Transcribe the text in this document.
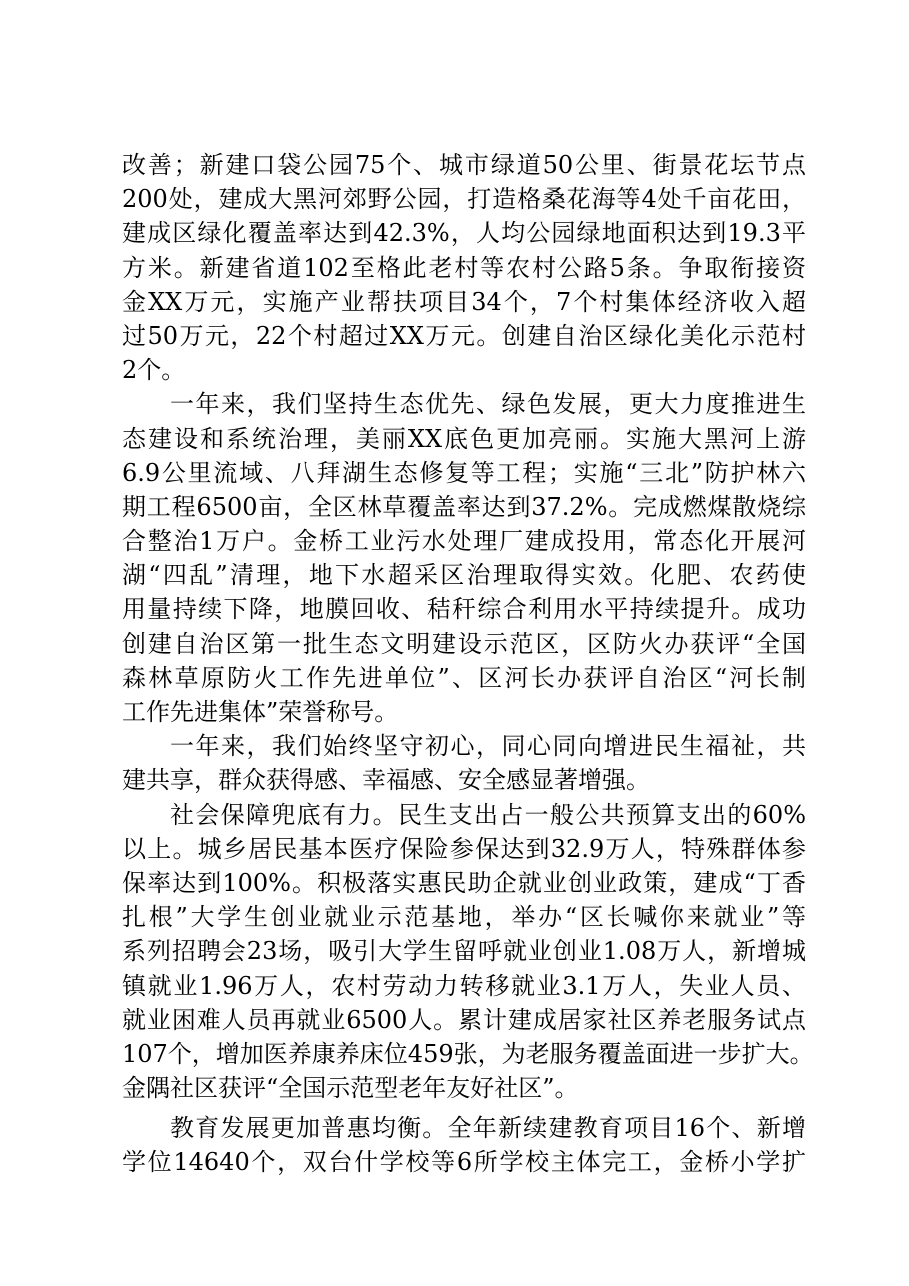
改善；新建口袋公园75个、城市绿道50公里、街景花坛节点
200处，建成大黑河郊野公园，打造格桑花海等4处千亩花田，
建成区绿化覆盖率达到42.3%，人均公园绿地面积达到19.3平
方米。新建省道102至格此老村等农村公路5条。争取衔接资
金XX万元，实施产业帮扶项目34个，7个村集体经济收入超
过50万元，22个村超过XX万元。创建自治区绿化美化示范村
2个。
一年来，我们坚持生态优先、绿色发展，更大力度推进生
态建设和系统治理，美丽XX底色更加亮丽。实施大黑河上游
6.9公里流域、八拜湖生态修复等工程；实施“三北”防护林六
期工程6500亩，全区林草覆盖率达到37.2%。完成燃煤散烧综
合整治1万户。金桥工业污水处理厂建成投用，常态化开展河
湖“四乱”清理，地下水超采区治理取得实效。化肥、农药使
用量持续下降，地膜回收、秸秆综合利用水平持续提升。成功
创建自治区第一批生态文明建设示范区，区防火办获评“全国
森林草原防火工作先进单位”、区河长办获评自治区“河长制
工作先进集体”荣誉称号。
一年来，我们始终坚守初心，同心同向增进民生福祉，共
建共享，群众获得感、幸福感、安全感显著增强。
社会保障兜底有力。民生支出占一般公共预算支出的60%
以上。城乡居民基本医疗保险参保达到32.9万人，特殊群体参
保率达到100%。积极落实惠民助企就业创业政策，建成“丁香
扎根”大学生创业就业示范基地，举办“区长喊你来就业”等
系列招聘会23场，吸引大学生留呼就业创业1.08万人，新增城
镇就业1.96万人，农村劳动力转移就业3.1万人，失业人员、
就业困难人员再就业6500人。累计建成居家社区养老服务试点
107个，增加医养康养床位459张，为老服务覆盖面进一步扩大。
金隅社区获评“全国示范型老年友好社区”。
教育发展更加普惠均衡。全年新续建教育项目16个、新增
学位14640个，双台什学校等6所学校主体完工，金桥小学扩
